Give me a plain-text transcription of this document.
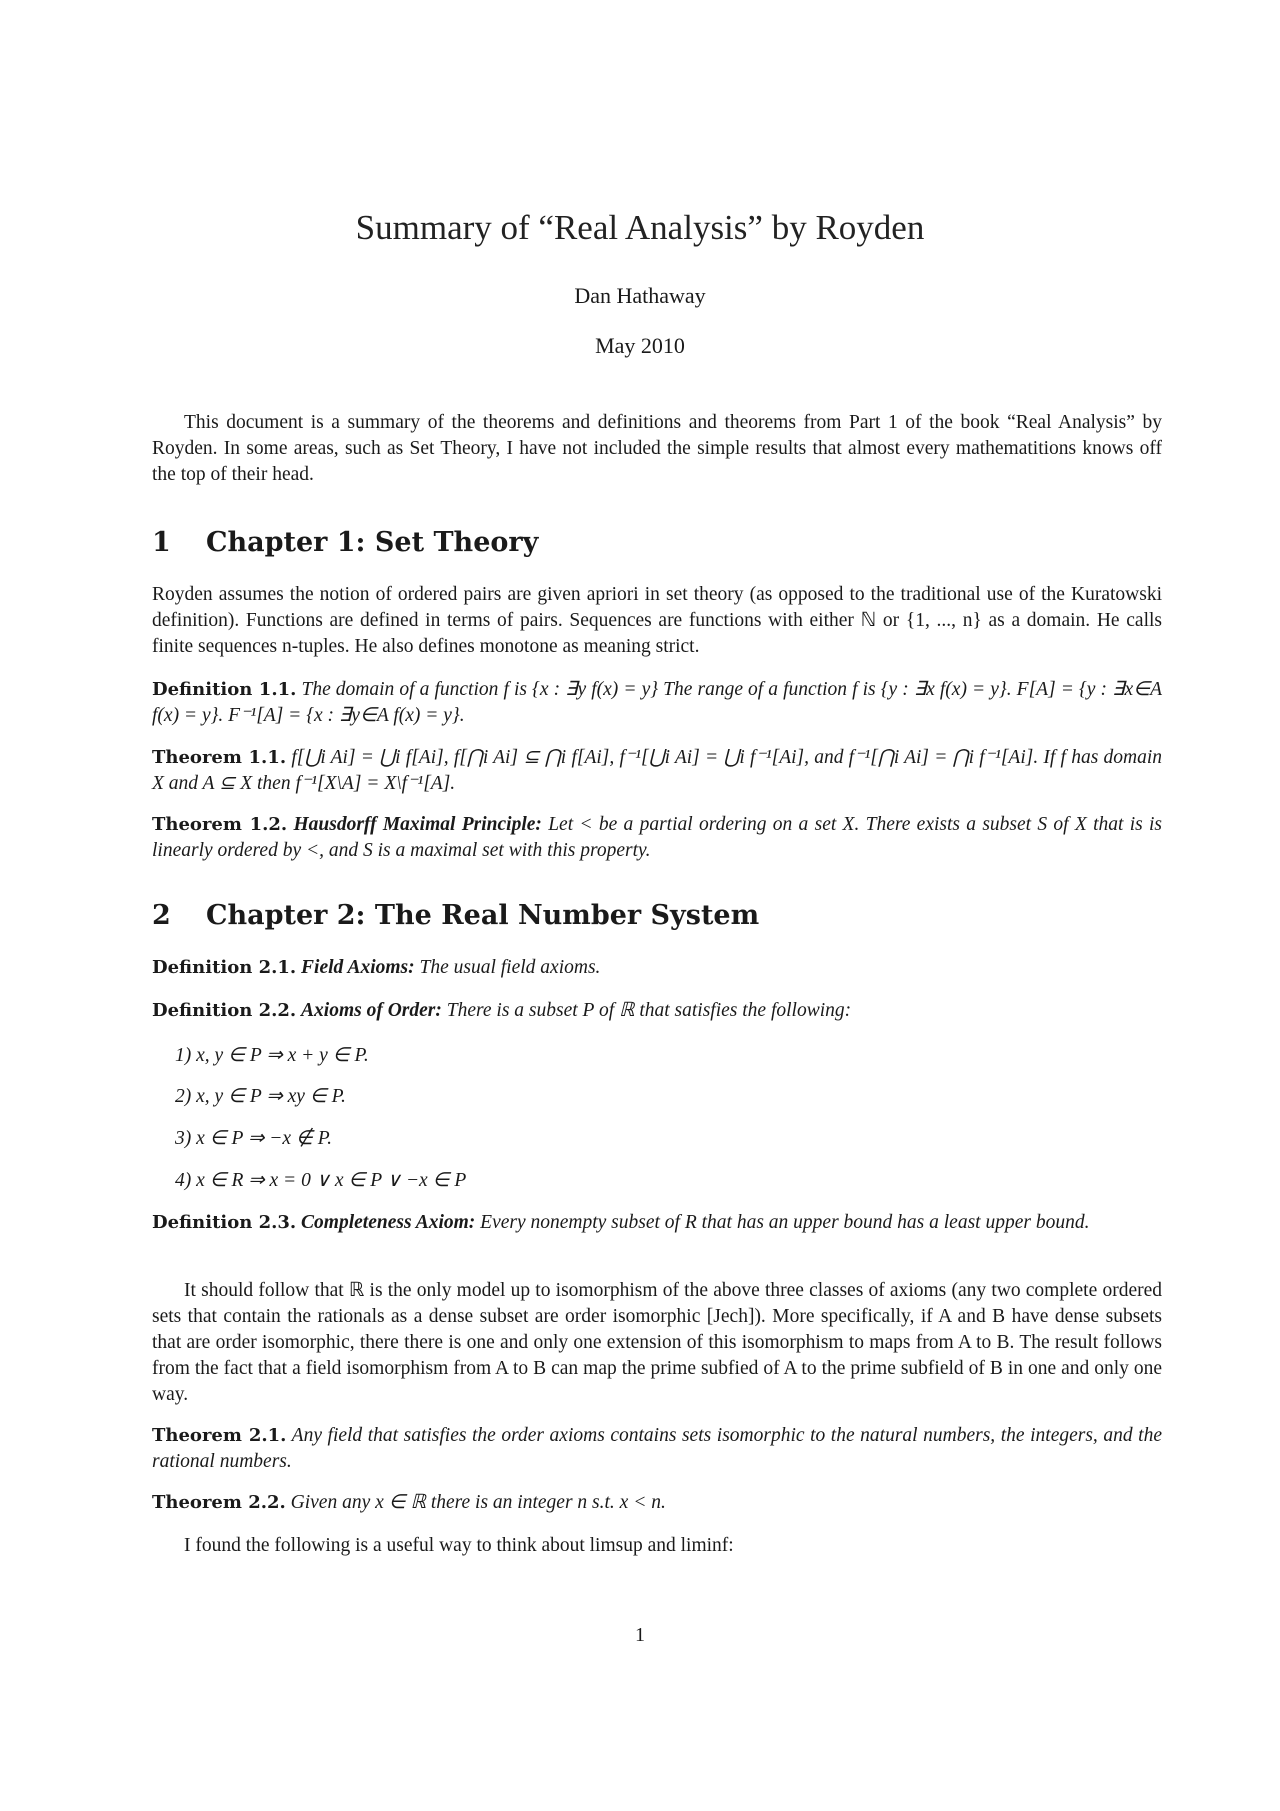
Summary of “Real Analysis” by Royden
Dan Hathaway
May 2010

This document is a summary of the theorems and definitions and theorems from Part 1 of the book “Real Analysis” by Royden. In some areas, such as Set Theory, I have not included the simple results that almost every mathematitions knows off the top of their head.

1 Chapter 1: Set Theory

Royden assumes the notion of ordered pairs are given apriori in set theory (as opposed to the traditional use of the Kuratowski definition). Functions are defined in terms of pairs. Sequences are functions with either ℕ or {1, ..., n} as a domain. He calls finite sequences n-tuples. He also defines monotone as meaning strict.

Definition 1.1. The domain of a function f is {x : ∃y f(x) = y} The range of a function f is {y : ∃x f(x) = y}. F[A] = {y : ∃x∈A f(x) = y}. F⁻¹[A] = {x : ∃y∈A f(x) = y}.

Theorem 1.1. f[⋃i Ai] = ⋃i f[Ai], f[⋂i Ai] ⊆ ⋂i f[Ai], f⁻¹[⋃i Ai] = ⋃i f⁻¹[Ai], and f⁻¹[⋂i Ai] = ⋂i f⁻¹[Ai]. If f has domain X and A ⊆ X then f⁻¹[X\A] = X\f⁻¹[A].

Theorem 1.2. Hausdorff Maximal Principle: Let < be a partial ordering on a set X. There exists a subset S of X that is is linearly ordered by <, and S is a maximal set with this property.

2 Chapter 2: The Real Number System

Definition 2.1. Field Axioms: The usual field axioms.

Definition 2.2. Axioms of Order: There is a subset P of ℝ that satisfies the following:

1) x, y ∈ P ⇒ x + y ∈ P.
2) x, y ∈ P ⇒ xy ∈ P.
3) x ∈ P ⇒ −x ∉ P.
4) x ∈ R ⇒ x = 0 ∨ x ∈ P ∨ −x ∈ P

Definition 2.3. Completeness Axiom: Every nonempty subset of R that has an upper bound has a least upper bound.

It should follow that ℝ is the only model up to isomorphism of the above three classes of axioms (any two complete ordered sets that contain the rationals as a dense subset are order isomorphic [Jech]). More specifically, if A and B have dense subsets that are order isomorphic, there there is one and only one extension of this isomorphism to maps from A to B. The result follows from the fact that a field isomorphism from A to B can map the prime subfied of A to the prime subfield of B in one and only one way.

Theorem 2.1. Any field that satisfies the order axioms contains sets isomorphic to the natural numbers, the integers, and the rational numbers.

Theorem 2.2. Given any x ∈ ℝ there is an integer n s.t. x < n.

I found the following is a useful way to think about limsup and liminf:

1
